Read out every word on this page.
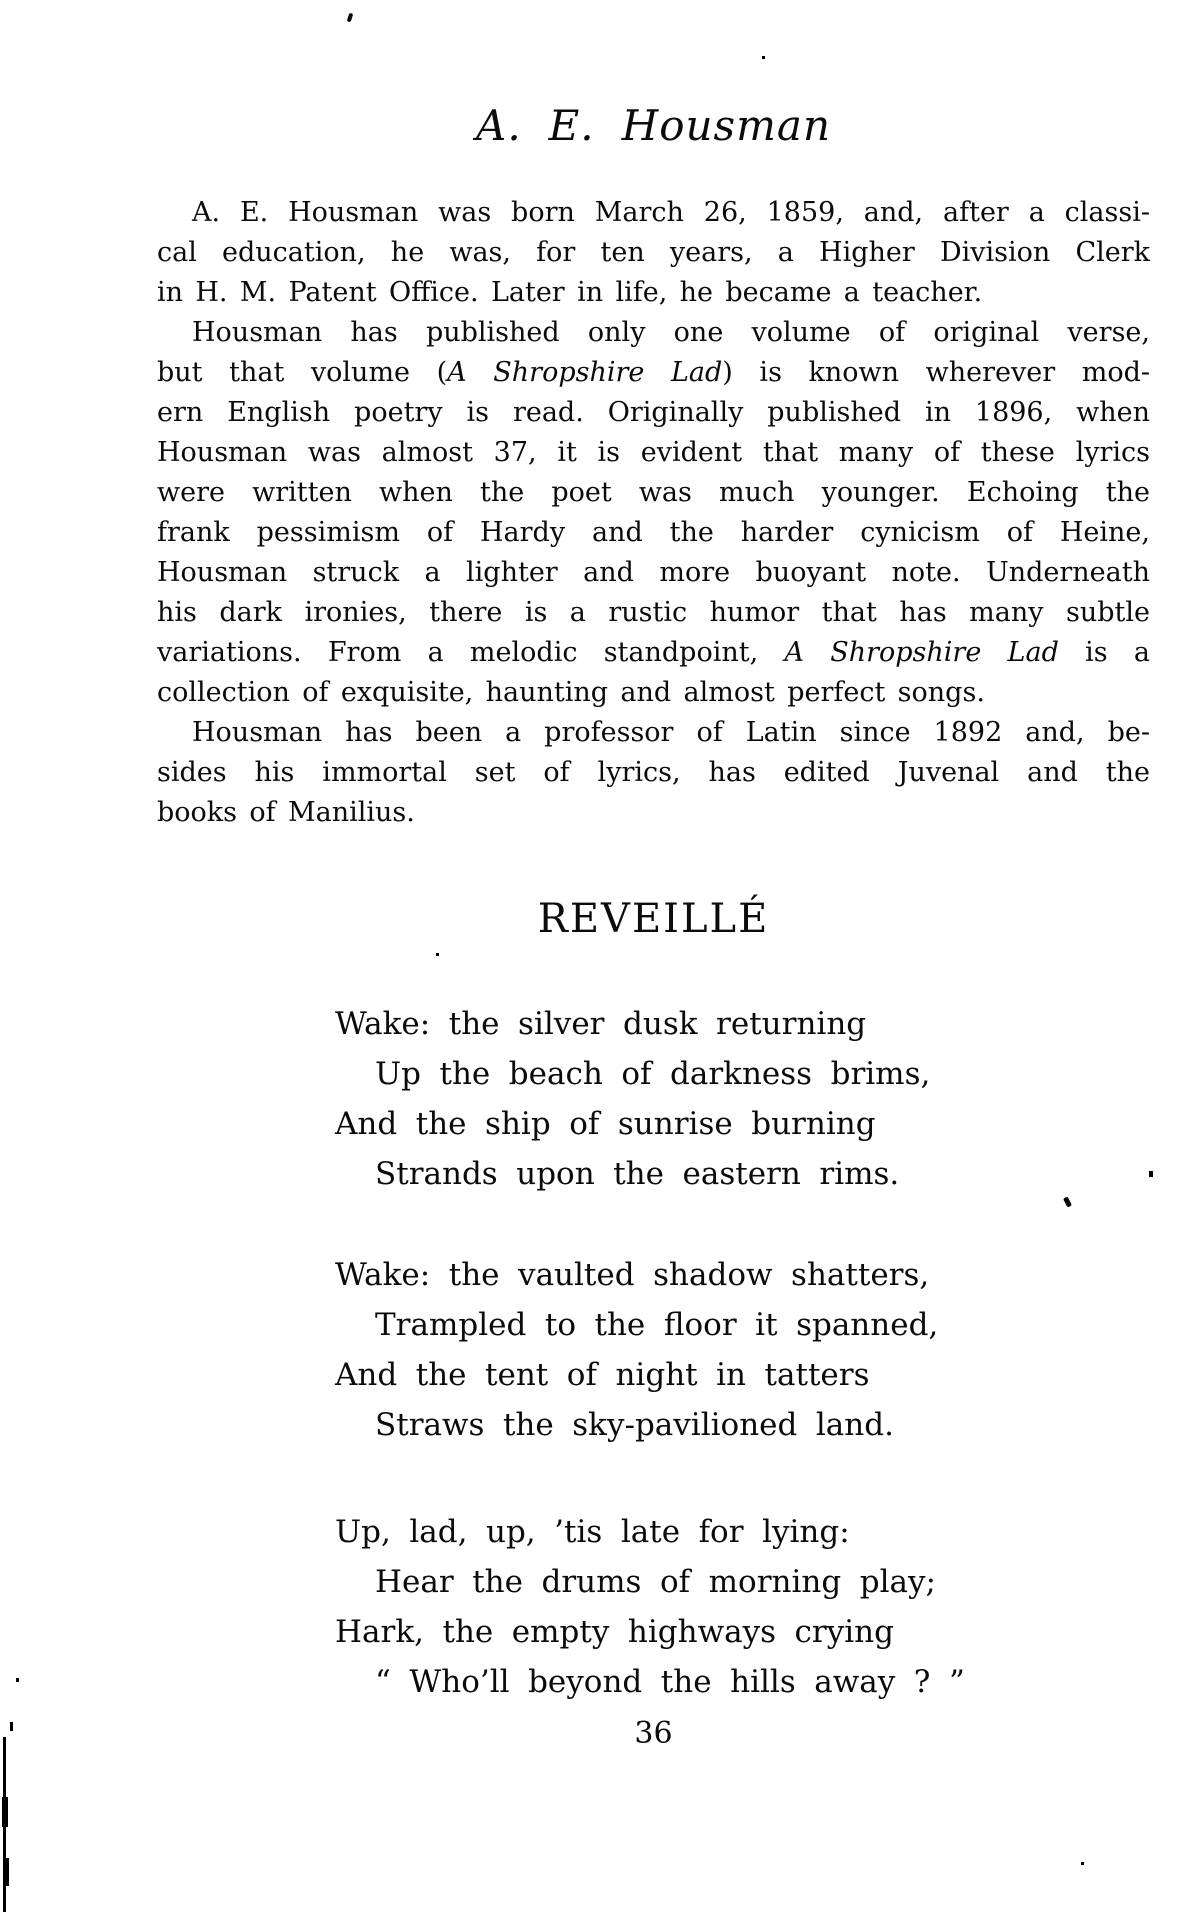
A. E. Housman

A. E. Housman was born March 26, 1859, and, after a classi-
cal education, he was, for ten years, a Higher Division Clerk
in H. M. Patent Office. Later in life, he became a teacher.

Housman has published only one volume of original verse,
but that volume (A Shropshire Lad) is known wherever mod-
ern English poetry is read. Originally published in 1896, when
Housman was almost 37, it is evident that many of these lyrics
were written when the poet was much younger. Echoing the
frank pessimism of Hardy and the harder cynicism of Heine,
Housman struck a lighter and more buoyant note. Underneath
his dark ironies, there is a rustic humor that has many subtle
variations. From a melodic standpoint, A Shropshire Lad is a
collection of exquisite, haunting and almost perfect songs.

Housman has been a professor of Latin since 1892 and, be-
sides his immortal set of lyrics, has edited Juvenal and the
books of Manilius.

REVEILLÉ
Wake: the silver dusk returning
Up the beach of darkness brims,
And the ship of sunrise burning
Strands upon the eastern rims.
Wake: the vaulted shadow shatters,
Trampled to the floor it spanned,
And the tent of night in tatters
Straws the sky-pavilioned land.
Up, lad, up, ’tis late for lying:
Hear the drums of morning play;
Hark, the empty highways crying
“ Who’ll beyond the hills away ? ”
36
